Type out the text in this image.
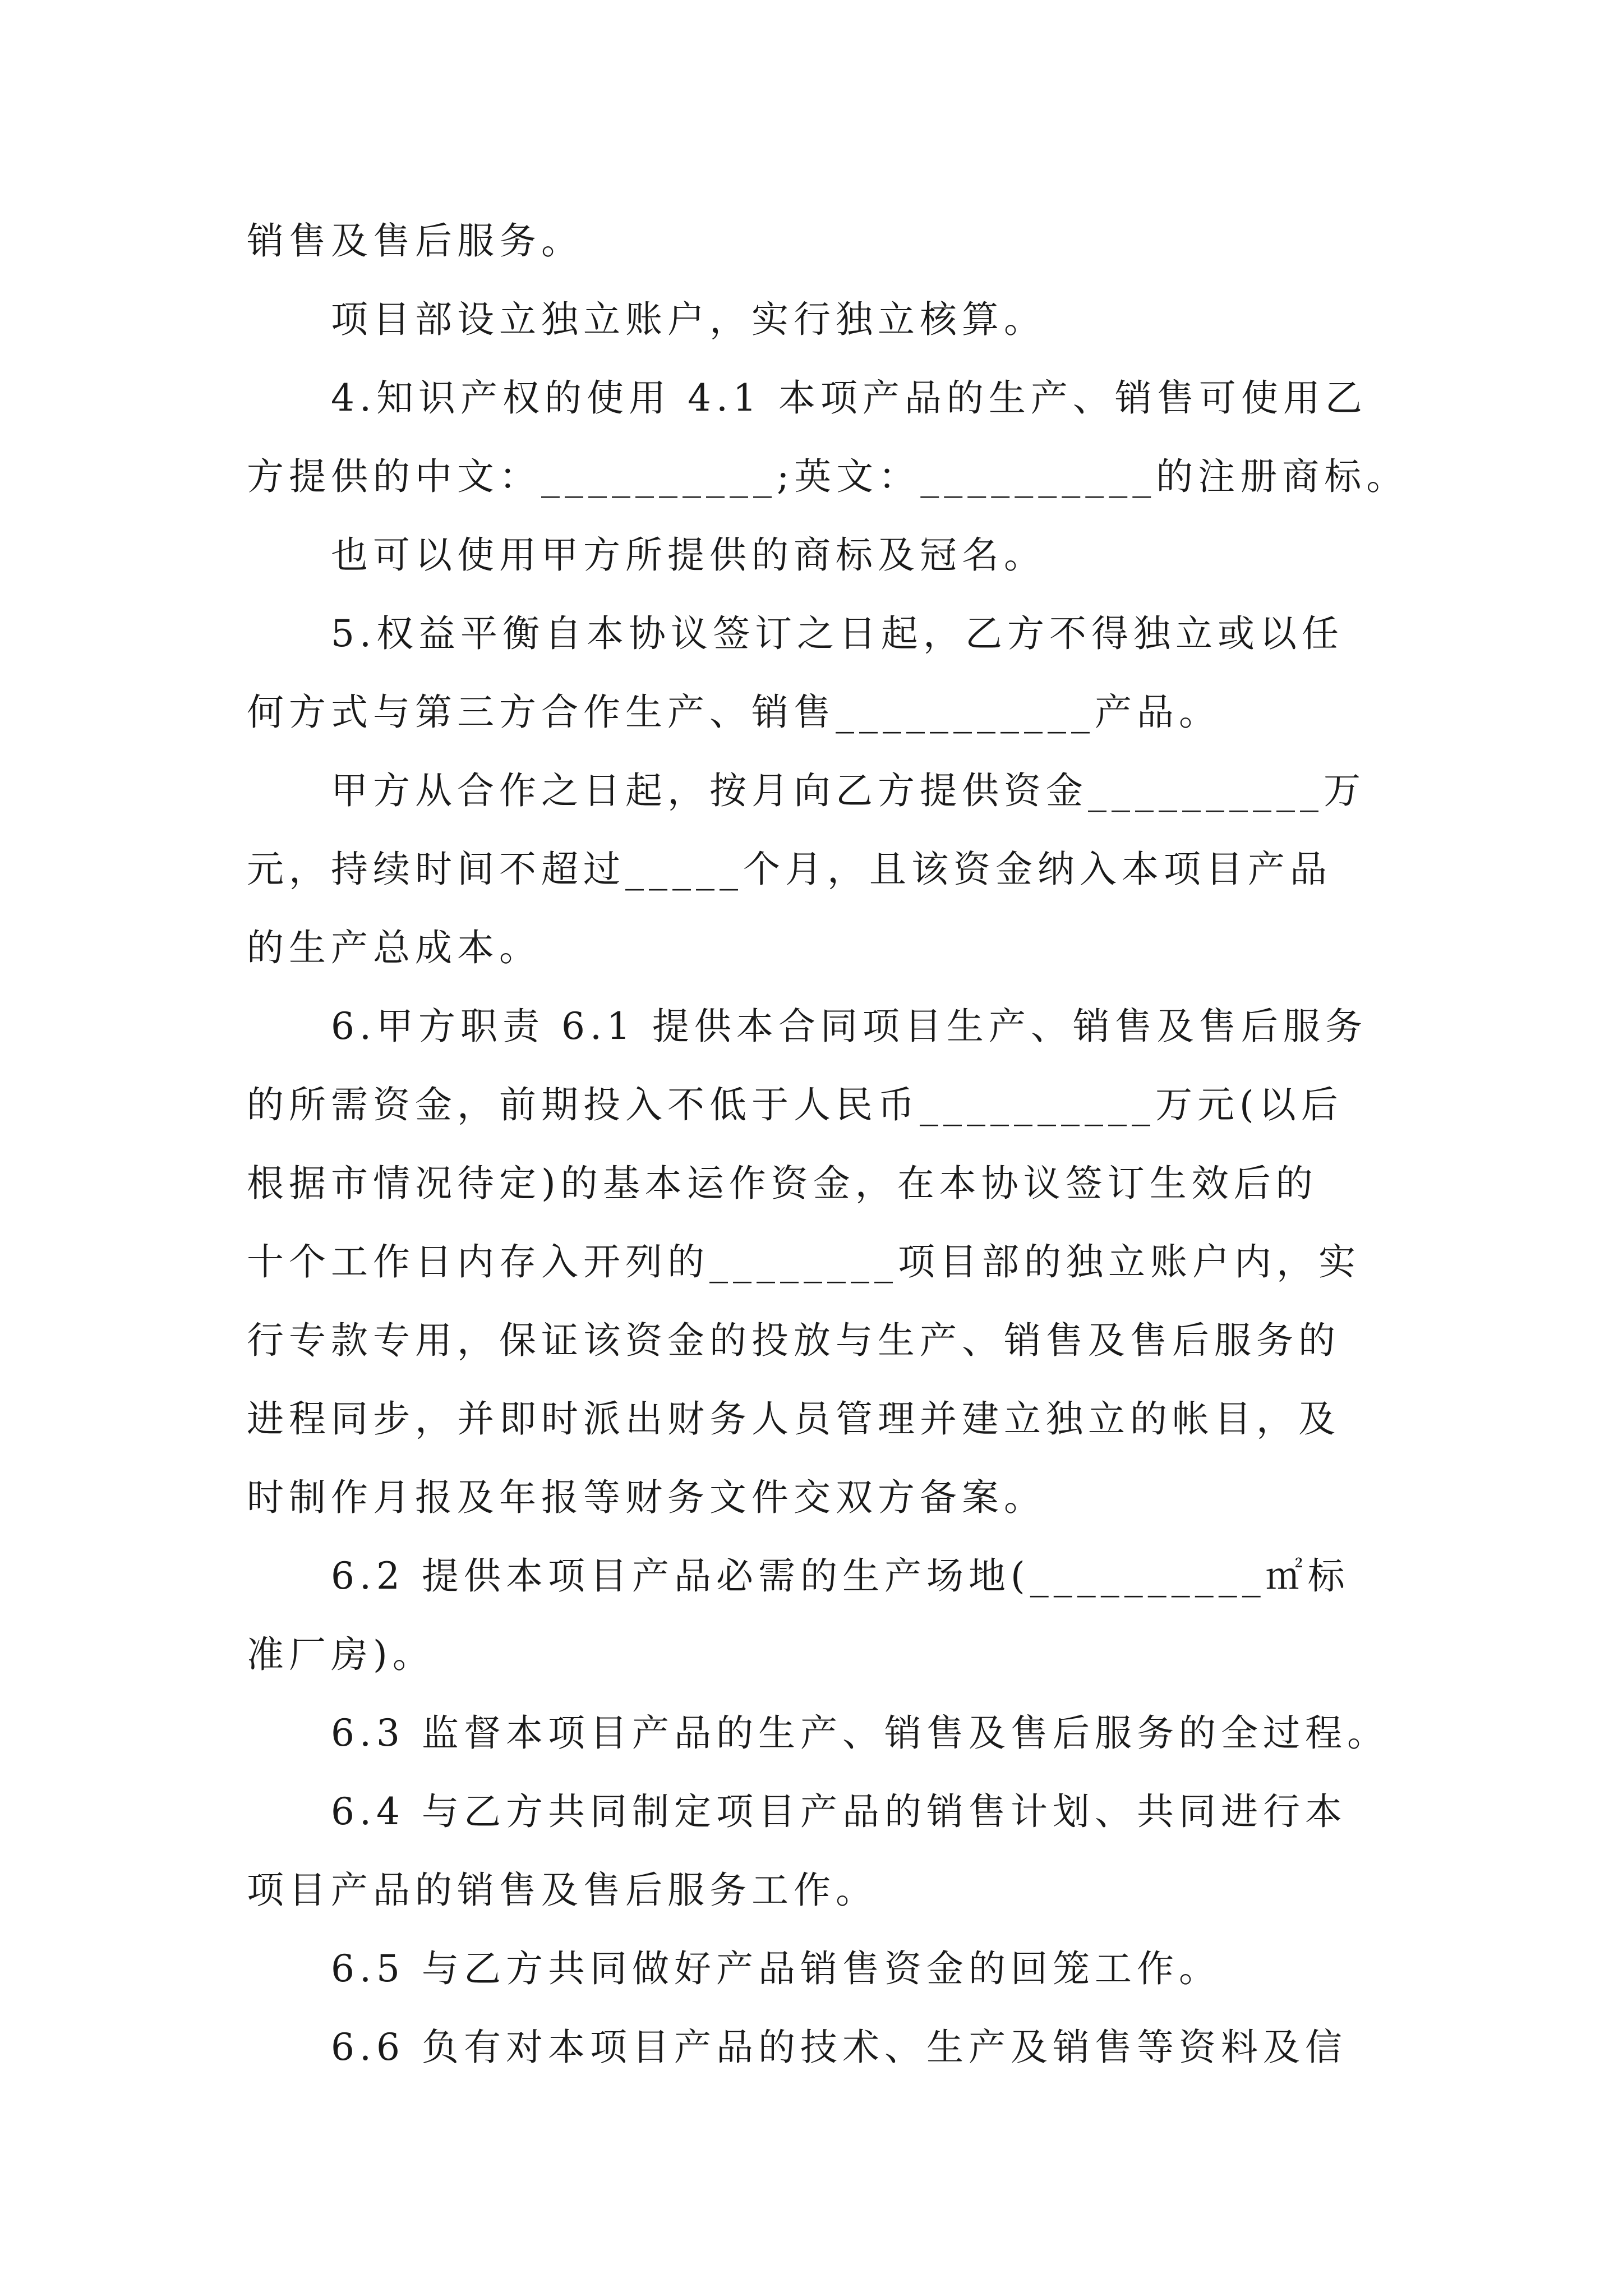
销售及售后服务。
项目部设立独立账户，实行独立核算。
4.知识产权的使用 4.1 本项产品的生产、销售可使用乙
方提供的中文：__________;英文：__________的注册商标。
也可以使用甲方所提供的商标及冠名。
5.权益平衡自本协议签订之日起，乙方不得独立或以任
何方式与第三方合作生产、销售___________产品。
甲方从合作之日起，按月向乙方提供资金__________万
元，持续时间不超过_____个月，且该资金纳入本项目产品
的生产总成本。
6.甲方职责 6.1 提供本合同项目生产、销售及售后服务
的所需资金，前期投入不低于人民币__________万元(以后
根据市情况待定)的基本运作资金，在本协议签订生效后的
十个工作日内存入开列的________项目部的独立账户内，实
行专款专用，保证该资金的投放与生产、销售及售后服务的
进程同步，并即时派出财务人员管理并建立独立的帐目，及
时制作月报及年报等财务文件交双方备案。
6.2 提供本项目产品必需的生产场地(__________㎡标
准厂房)。
6.3 监督本项目产品的生产、销售及售后服务的全过程。
6.4 与乙方共同制定项目产品的销售计划、共同进行本
项目产品的销售及售后服务工作。
6.5 与乙方共同做好产品销售资金的回笼工作。
6.6 负有对本项目产品的技术、生产及销售等资料及信
